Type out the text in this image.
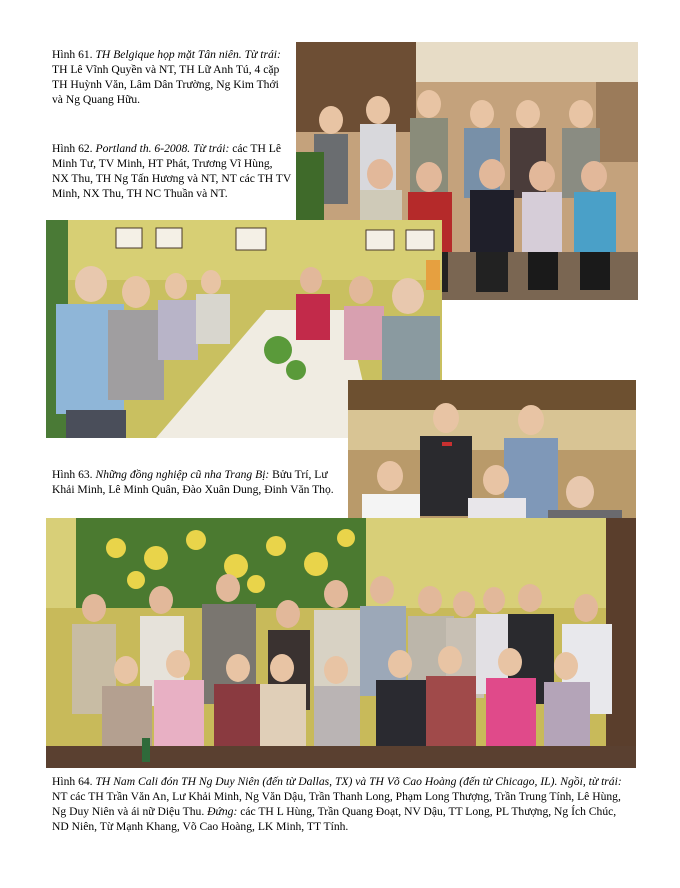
Hình 61. TH Belgique họp mặt Tân niên. Từ trái: TH Lê Vĩnh Quyền và NT, TH Lữ Anh Tú, 4 cặp TH Huỳnh Văn, Lâm Dân Trường, Ng Kim Thới và Ng Quang Hữu.
Hình 62. Portland th. 6-2008. Từ trái: các TH Lê Minh Tư, TV Minh, HT Phát, Trương Vĩ Hùng, NX Thu, TH Ng Tấn Hương và NT, NT các TH TV Minh, NX Thu, TH NC Thuần và NT.
Hình 63. Những đồng nghiệp cũ nha Trang Bị: Bửu Trí, Lư Khải Minh, Lê Minh Quân, Đào Xuân Dung, Đinh Văn Thọ.
Hình 64. TH Nam Cali đón TH Ng Duy Niên (đến từ Dallas, TX) và TH Võ Cao Hoàng (đến từ Chicago, IL). Ngồi, từ trái: NT các TH Trần Văn An, Lư Khải Minh, Ng Văn Dậu, Trần Thanh Long, Phạm Long Thượng, Trần Trung Tính, Lê Hùng, Ng Duy Niên và ái nữ Diệu Thu. Đứng: các TH L Hùng, Trần Quang Đoạt, NV Dậu, TT Long, PL Thượng, Ng Ích Chúc, ND Niên, Từ Mạnh Khang, Võ Cao Hoàng, LK Minh, TT Tính.
